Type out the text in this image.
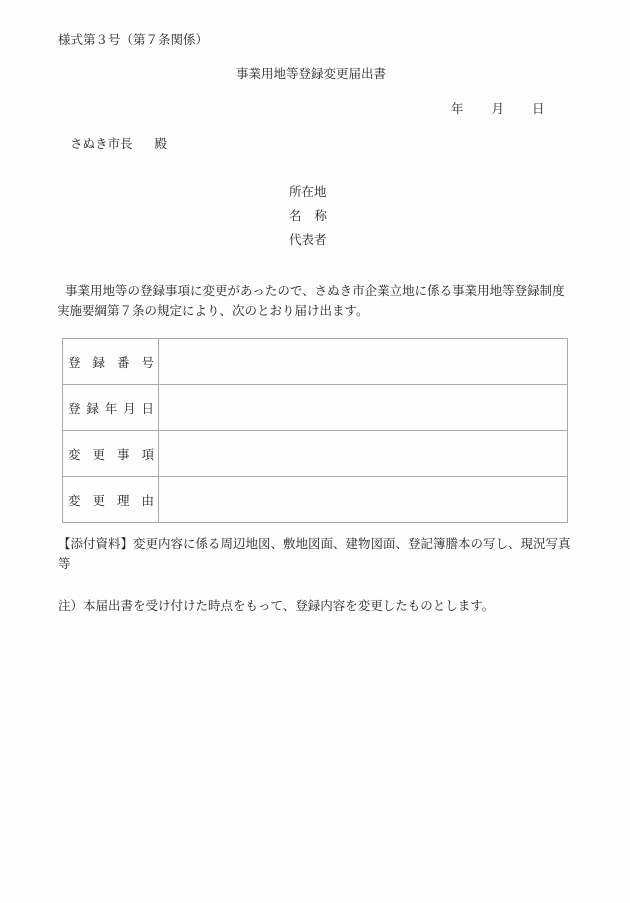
様式第３号（第７条関係）
事業用地等登録変更届出書
年 月 日
さぬき市長 殿
所在地
名称
代表者
事業用地等の登録事項に変更があったので、さぬき市企業立地に係る事業用地等登録制度実施要綱第７条の規定により、次のとおり届け出ます。
登 録 番 号	

登 録 年 月 日	

変 更 事 項	

変 更 理 由	

【添付資料】変更内容に係る周辺地図、敷地図面、建物図面、登記簿謄本の写し、現況写真等
注）本届出書を受け付けた時点をもって、登録内容を変更したものとします。
